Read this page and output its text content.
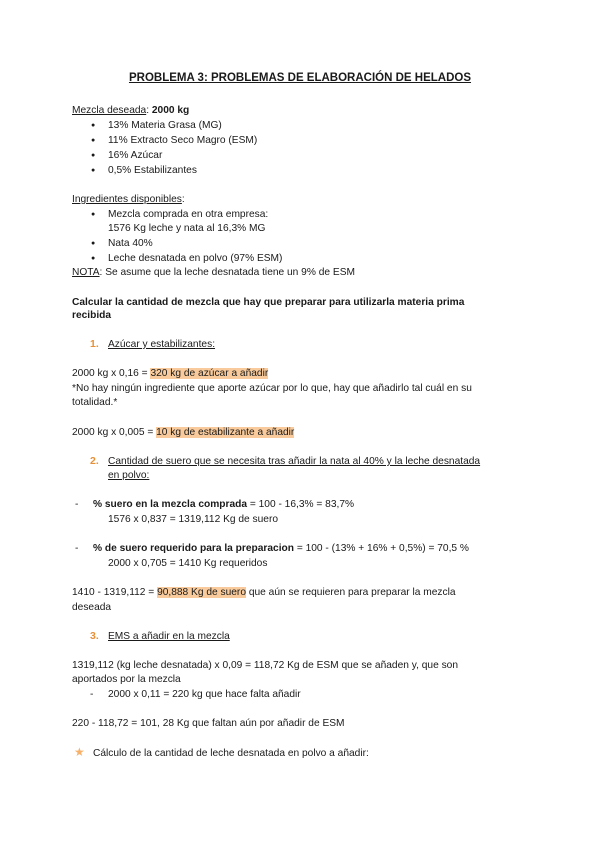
PROBLEMA 3: PROBLEMAS DE ELABORACIÓN DE HELADOS
Mezcla deseada: 2000 kg
● 13% Materia Grasa (MG)
● 11% Extracto Seco Magro (ESM)
● 16% Azúcar
● 0,5% Estabilizantes
Ingredientes disponibles:
● Mezcla comprada en otra empresa:
1576 Kg leche y nata al 16,3% MG
● Nata 40%
● Leche desnatada en polvo (97% ESM)
NOTA: Se asume que la leche desnatada tiene un 9% de ESM
Calcular la cantidad de mezcla que hay que preparar para utilizarla materia prima
recibida
1. Azúcar y estabilizantes:
2000 kg x 0,16 = 320 kg de azúcar a añadir
*No hay ningún ingrediente que aporte azúcar por lo que, hay que añadirlo tal cuál en su
totalidad.*
2000 kg x 0,005 = 10 kg de estabilizante a añadir
2. Cantidad de suero que se necesita tras añadir la nata al 40% y la leche desnatada
en polvo:
- % suero en la mezcla comprada = 100 - 16,3% = 83,7%
1576 x 0,837 = 1319,112 Kg de suero
- % de suero requerido para la preparacion = 100 - (13% + 16% + 0,5%) = 70,5 %
2000 x 0,705 = 1410 Kg requeridos
1410 - 1319,112 = 90,888 Kg de suero que aún se requieren para preparar la mezcla
deseada
3. EMS a añadir en la mezcla
1319,112 (kg leche desnatada) x 0,09 = 118,72 Kg de ESM que se añaden y, que son
aportados por la mezcla
- 2000 x 0,11 = 220 kg que hace falta añadir
220 - 118,72 = 101, 28 Kg que faltan aún por añadir de ESM
★ Cálculo de la cantidad de leche desnatada en polvo a añadir:
